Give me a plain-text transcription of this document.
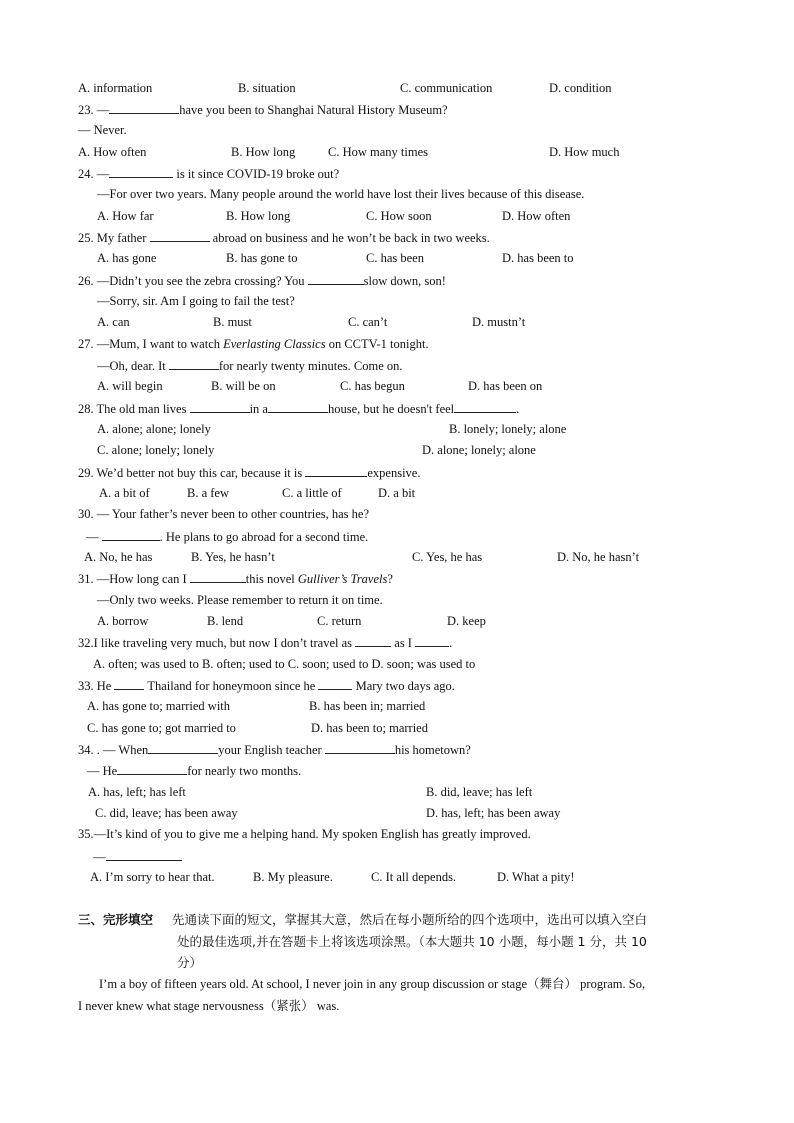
A. information	B. situation	C. communication	D. condition
23. —	have you been to Shanghai Natural History Museum?
— Never.
A. How often	B. How long	C. How many times	D. How much
24. —	is it since COVID-19 broke out?
—For over two years. Many people around the world have lost their lives because of this disease.
A. How far	B. How long	C. How soon	D. How often
25. My father	abroad on business and he won’t be back in two weeks.
A. has gone	B. has gone to	C. has been	D. has been to
26. —Didn’t you see the zebra crossing? You	slow down, son!
—Sorry, sir. Am I going to fail the test?
A. can	B. must	C. can’t	D. mustn’t
27. —Mum, I want to watch Everlasting Classics on CCTV-1 tonight.
—Oh, dear. It	for nearly twenty minutes. Come on.
A. will begin	B. will be on	C. has begun	D. has been on
28. The old man lives	in a	house, but he doesn't feel	.
A. alone; alone; lonely	B. lonely; lonely; alone
C. alone; lonely; lonely	D. alone; lonely; alone
29. We’d better not buy this car, because it is	expensive.
A. a bit of	B. a few	C. a little of	D. a bit
30. — Your father’s never been to other countries, has he?
—	. He plans to go abroad for a second time.
A. No, he has	B. Yes, he hasn’t	C. Yes, he has	D. No, he hasn’t
31. —How long can I	this novel Gulliver’s Travels?
—Only two weeks. Please remember to return it on time.
A. borrow	B. lend	C. return	D. keep
32.I like traveling very much, but now I don’t travel as	as I	.
A. often; was used to B. often; used to C. soon; used to D. soon; was used to
33. He  Thailand for honeymoon since he	Mary two days ago.
A. has gone to; married with	B. has been in; married
C. has gone to; got married to	D. has been to; married
34. . — When	your English teacher	his hometown?
— He	for nearly two months.
A. has, left; has left	B. did, leave; has left
C. did, leave; has been away	D. has, left; has been away
35.—It’s kind of you to give me a helping hand. My spoken English has greatly improved.
—
A. I’m sorry to hear that.	B. My pleasure.	C. It all depends.	D. What a pity!
三、完形填空 先通读下面的短文，掌握其大意，然后在每小题所给的四个选项中，选出可以填入空白
处的最佳选项,并在答题卡上将该选项涂黑。（本大题共 10 小题，每小题 1 分，共 10
分）
I’m a boy of fifteen years old. At school, I never join in any group discussion or stage（舞台） program. So,
I never knew what stage nervousness（紧张） was.
